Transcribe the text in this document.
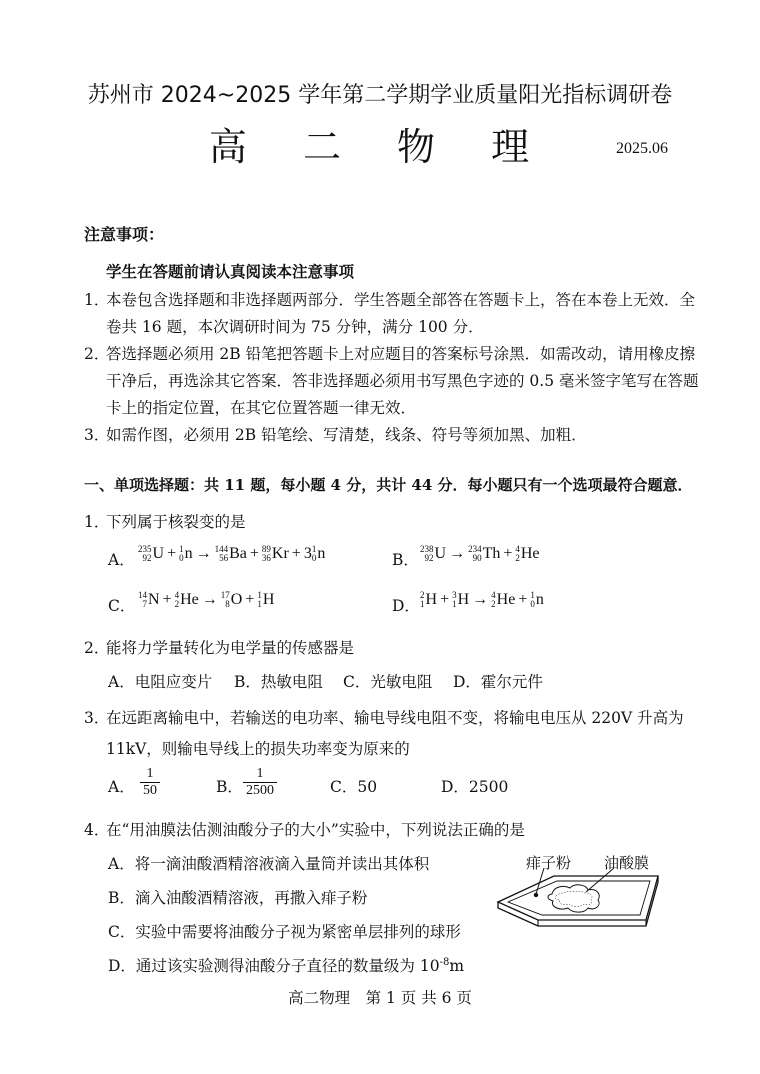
苏州市 2024~2025 学年第二学期学业质量阳光指标调研卷
高 二 物 理	2025.06
注意事项：
学生在答题前请认真阅读本注意事项
1．
本卷包含选择题和非选择题两部分．学生答题全部答在答题卡上，答在本卷上无效．全
卷共 16 题，本次调研时间为 75 分钟，满分 100 分．
2．
答选择题必须用 2B 铅笔把答题卡上对应题目的答案标号涂黑．如需改动，请用橡皮擦
干净后，再选涂其它答案．答非选择题必须用书写黑色字迹的 0.5 毫米签字笔写在答题
卡上的指定位置，在其它位置答题一律无效．
3．
如需作图，必须用 2B 铅笔绘、写清楚，线条、符号等须加黑、加粗．
一、单项选择题：共 11 题，每小题 4 分，共计 44 分．每小题只有一个选项最符合题意．
1．
下列属于核裂变的是
A．
235
92 U + 1
0 n → 144
56 Ba + 89
36 Kr + 3 1
0 n	B．
238
92 U → 234
90 Th + 4
2 He
C．
14
7 N + 4
2 He → 17
8 O + 1
1 H	D．
2
1 H + 3
1 H → 4
2 He + 1
0 n
2．
能将力学量转化为电学量的传感器是
A．电阻应变片 B．热敏电阻 C．光敏电阻 D．霍尔元件
3．
在远距离输电中，若输送的电功率、输电导线电阻不变，将输电电压从 220V 升高为
11kV，则输电导线上的损失功率变为原来的
A． $\frac{1}{50}$	B． $\frac{1}{2500}$	C．50	D．2500
4．
在“用油膜法估测油酸分子的大小”实验中，下列说法正确的是
A．将一滴油酸酒精溶液滴入量筒并读出其体积
B．滴入油酸酒精溶液，再撒入痱子粉
C．实验中需要将油酸分子视为紧密单层排列的球形
D．通过该实验测得油酸分子直径的数量级为 $10^{-8}m$
痱子粉 油酸膜
高二物理　第 1 页 共 6 页
